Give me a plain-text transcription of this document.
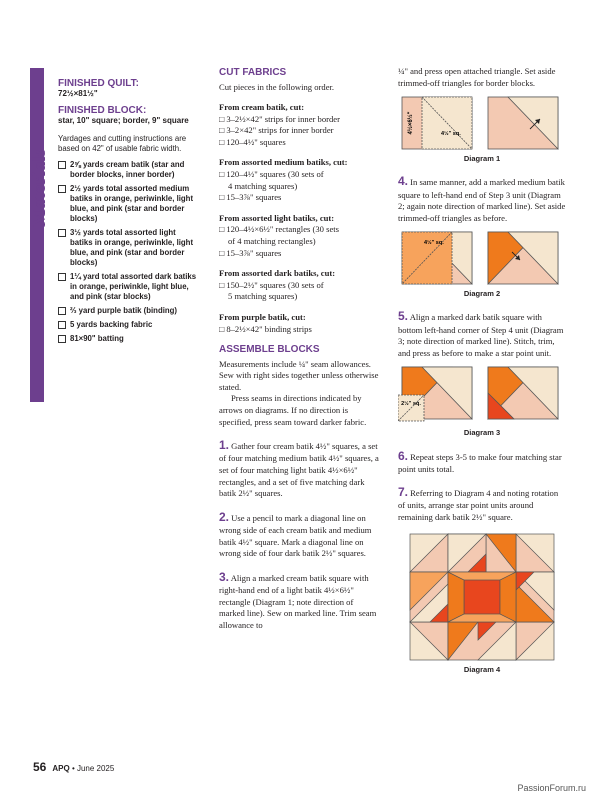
Materials
FINISHED QUILT:
72½×81½"
FINISHED BLOCK:
star, 10" square; border, 9" square
Yardages and cutting instructions are based on 42" of usable fabric width.
2⅝ yards cream batik (star and border blocks, inner border)
2½ yards total assorted medium batiks in orange, periwinkle, light blue, and pink (star and border blocks)
3½ yards total assorted light batiks in orange, periwinkle, light blue, and pink (star and border blocks)
1¼ yard total assorted dark batiks in orange, periwinkle, light blue, and pink (star blocks)
⅔ yard purple batik (binding)
5 yards backing fabric
81×90" batting
CUT FABRICS
Cut pieces in the following order.
From cream batik, cut:
□ 3–2½×42" strips for inner border
□ 3–2×42" strips for inner border
□ 120–4½" squares
From assorted medium batiks, cut:
□ 120–4½" squares (30 sets of
4 matching squares)
□ 15–3⅞" squares
From assorted light batiks, cut:
□ 120–4½×6½" rectangles (30 sets
of 4 matching rectangles)
□ 15–3⅞" squares
From assorted dark batiks, cut:
□ 150–2½" squares (30 sets of
5 matching squares)
From purple batik, cut:
□ 8–2½×42" binding strips
ASSEMBLE BLOCKS
Measurements include ¼" seam allowances. Sew with right sides together unless otherwise stated.
Press seams in directions indicated by arrows on diagrams. If no direction is specified, press seam toward darker fabric.
1. Gather four cream batik 4½" squares, a set of four matching medium batik 4½" squares, a set of four matching light batik 4½×6½" rectangles, and a set of five matching dark batik 2½" squares.
2. Use a pencil to mark a diagonal line on wrong side of each cream batik and medium batik 4½" square. Mark a diagonal line on wrong side of four dark batik 2½" squares.
3. Align a marked cream batik square with right-hand end of a light batik 4½×6½" rectangle (Diagram 1; note direction of marked line). Sew on marked line. Trim seam allowance to
¼" and press open attached triangle. Set aside trimmed-off triangles for border blocks.
4½×6½"	4½" sq.
Diagram 1
4. In same manner, add a marked medium batik square to left-hand end of Step 3 unit (Diagram 2; again note direction of marked line). Set aside trimmed-off triangles as before.
4½" sq.
Diagram 2
5. Align a marked dark batik square with bottom left-hand corner of Step 4 unit (Diagram 3; note direction of marked line). Stitch, trim, and press as before to make a star point unit.
2½" sq.
Diagram 3
6. Repeat steps 3-5 to make four matching star point units total.
7. Referring to Diagram 4 and noting rotation of units, arrange star point units around remaining dark batik 2½" square.
Diagram 4
56 APQ • June 2025
PassionForum.ru
